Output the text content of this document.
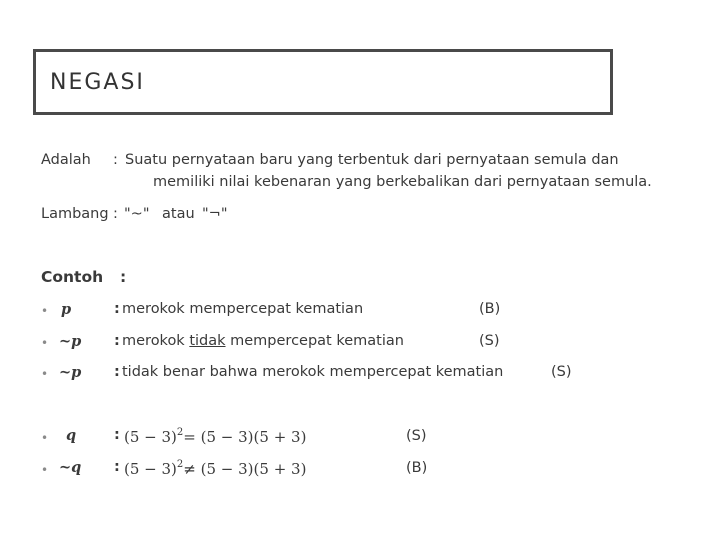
NEGASI
Adalah : Suatu pernyataan baru yang terbentuk dari pernyataan semula dan
memiliki nilai kebenaran yang berkebalikan dari pernyataan semula.
Lambang : "~" atau "¬"
Contoh :
• p	: merokok mempercepat kematian	(B)
• ~p : merokok tidak mempercepat kematian	(S)
• ~p : tidak benar bahwa merokok mempercepat kematian	(S)
• q	: $(5 - 3)^2= (5 - 3)(5 + 3)$	(S)
• ~q : $(5 - 3)^2\ne (5 - 3)(5 + 3)$	(B)
